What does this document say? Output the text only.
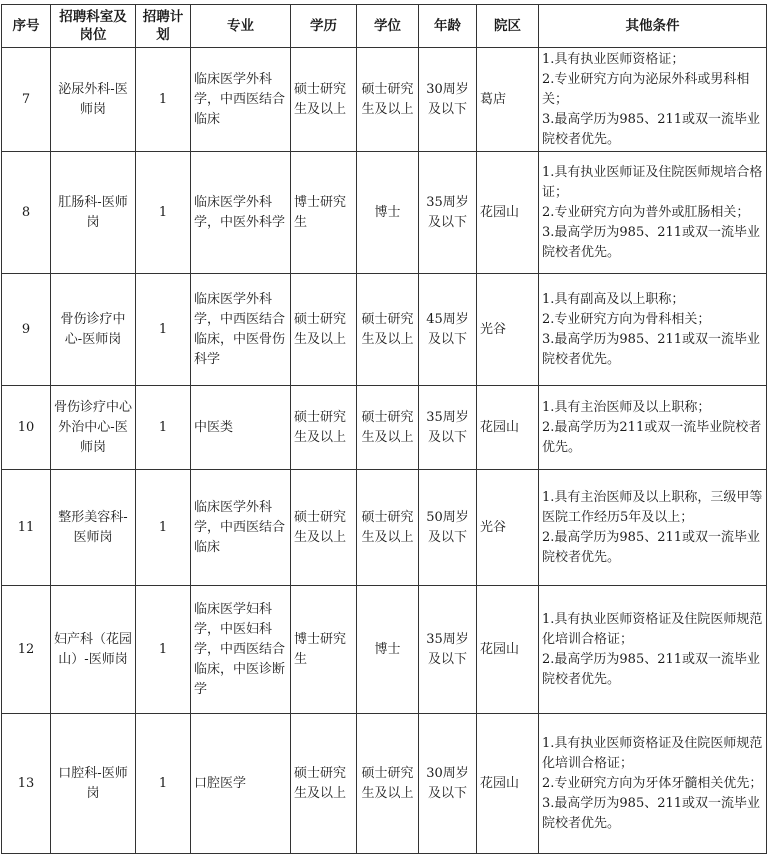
序号	招聘科室及岗位	招聘计划	专业	学历	学位	年龄	院区	其他条件
7	泌尿外科-医师岗	1	临床医学外科学，中西医结合临床	硕士研究生及以上	硕士研究生及以上	30周岁及以下	葛店	1.具有执业医师资格证；
2.专业研究方向为泌尿外科或男科相关；
3.最高学历为985、211或双一流毕业院校者优先。

8	肛肠科-医师岗	1	临床医学外科学，中医外科学	博士研究生	博士	35周岁及以下	花园山	1.具有执业医师证及住院医师规培合格证；
2.专业研究方向为普外或肛肠相关；
3.最高学历为985、211或双一流毕业院校者优先。

9	骨伤诊疗中心-医师岗	1	临床医学外科学，中西医结合临床，中医骨伤科学	硕士研究生及以上	硕士研究生及以上	45周岁及以下	光谷	1.具有副高及以上职称；
2.专业研究方向为骨科相关；
3.最高学历为985、211或双一流毕业院校者优先。

10	骨伤诊疗中心外治中心-医师岗	1	中医类	硕士研究生及以上	硕士研究生及以上	35周岁及以下	花园山	1.具有主治医师及以上职称；
2.最高学历为211或双一流毕业院校者优先。

11	整形美容科-医师岗	1	临床医学外科学，中西医结合临床	硕士研究生及以上	硕士研究生及以上	50周岁及以下	光谷	1.具有主治医师及以上职称，三级甲等 医院工作经历5年及以上；
2.最高学历为985、211或双一流毕业院校者优先。

12	妇产科（花园山）-医师岗	1	临床医学妇科学，中医妇科学，中西医结合临床，中医诊断学	博士研究生	博士	35周岁及以下	花园山	1.具有执业医师资格证及住院医师规范化培训合格证；
2.最高学历为985、211或双一流毕业院校者优先。

13	口腔科-医师岗	1	口腔医学	硕士研究生及以上	硕士研究生及以上	30周岁及以下	花园山	1.具有执业医师资格证及住院医师规范化培训合格证；
2.专业研究方向为牙体牙髓相关优先；
3.最高学历为985、211或双一流毕业院校者优先。
